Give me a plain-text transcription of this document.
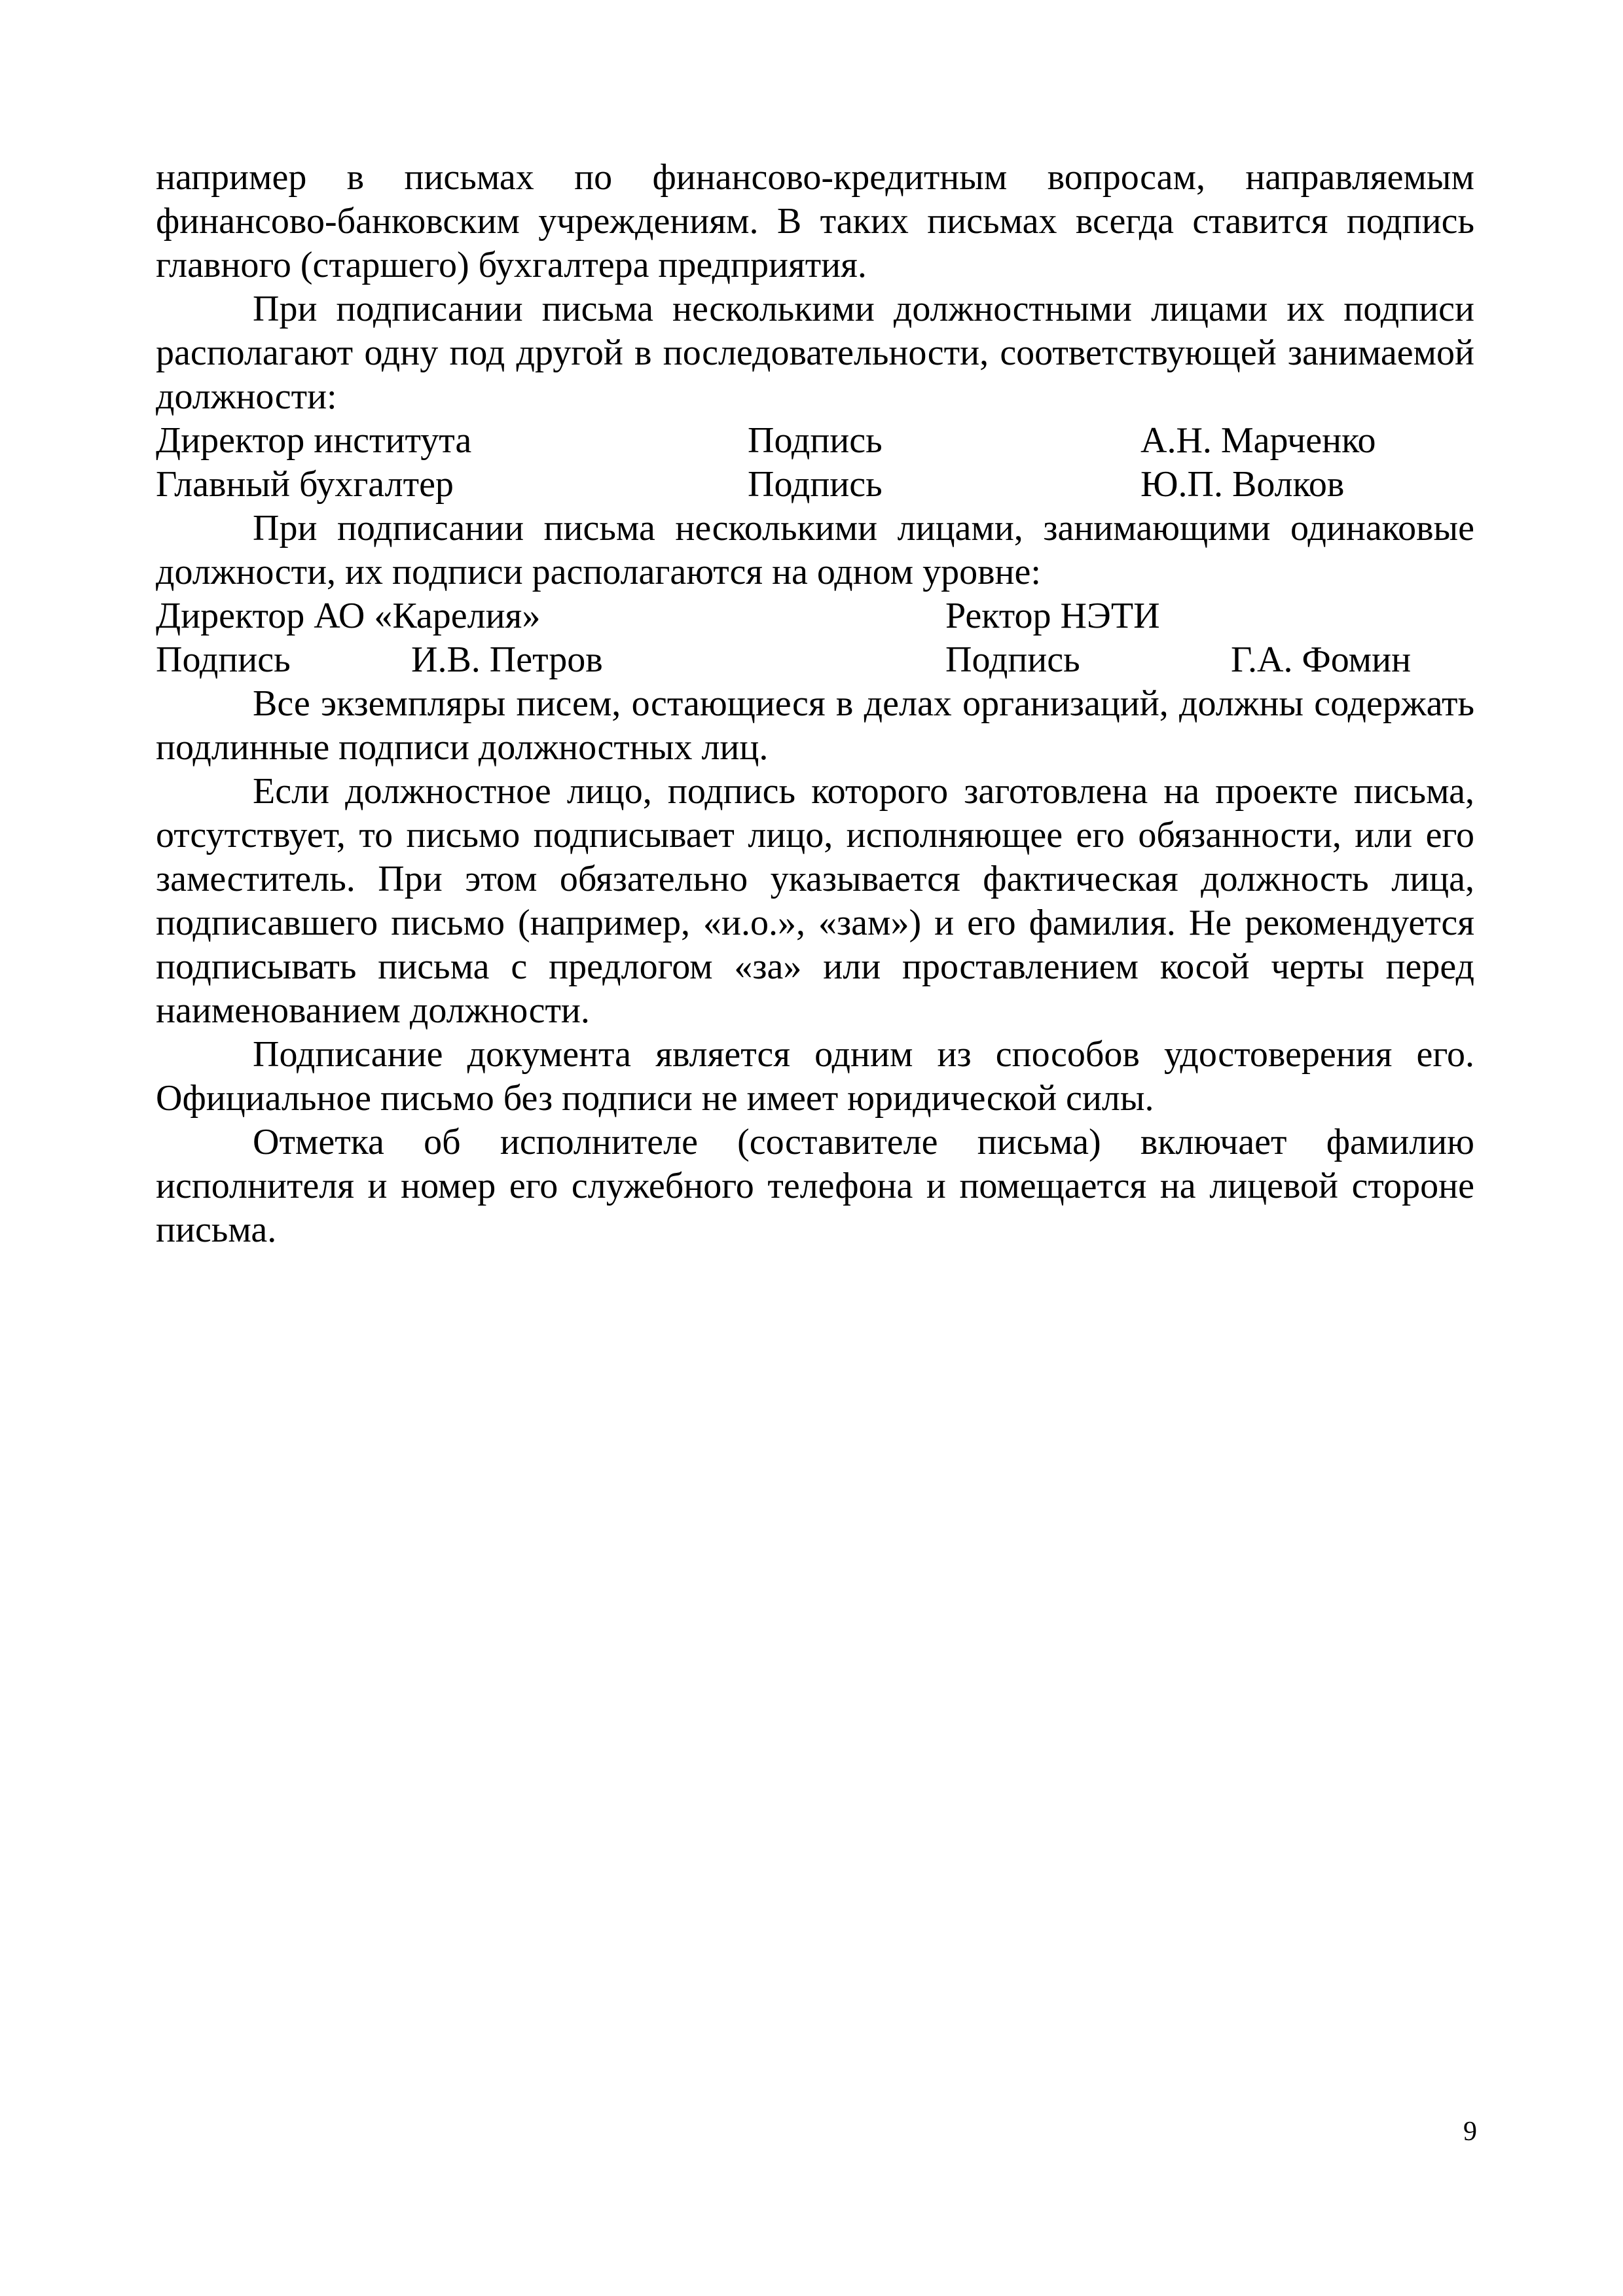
например в письмах по финансово-кредитным вопросам, направляемым финансово-банковским учреждениям. В таких письмах всегда ставится подпись главного (старшего) бухгалтера предприятия.

При подписании письма несколькими должностными лицами их подписи располагают одну под другой в последовательности, соответствующей занимаемой должности:

Директор института	Подпись	А.Н. Марченко
Главный бухгалтер	Подпись	Ю.П. Волков

При подписании письма несколькими лицами, занимающими одинаковые должности, их подписи располагаются на одном уровне:

Директор АО «Карелия»	Ректор НЭТИ
Подпись	И.В. Петров	Подпись	Г.А. Фомин

Все экземпляры писем, остающиеся в делах организаций, должны содержать подлинные подписи должностных лиц.

Если должностное лицо, подпись которого заготовлена на проекте письма, отсутствует, то письмо подписывает лицо, исполняющее его обязанности, или его заместитель. При этом обязательно указывается фактическая должность лица, подписавшего письмо (например, «и.о.», «зам») и его фамилия. Не рекомендуется подписывать письма с предлогом «за» или проставлением косой черты перед наименованием должности.

Подписание документа является одним из способов удостоверения его. Официальное письмо без подписи не имеет юридической силы.

Отметка об исполнителе (составителе письма) включает фамилию исполнителя и номер его служебного телефона и помещается на лицевой стороне письма.

9
